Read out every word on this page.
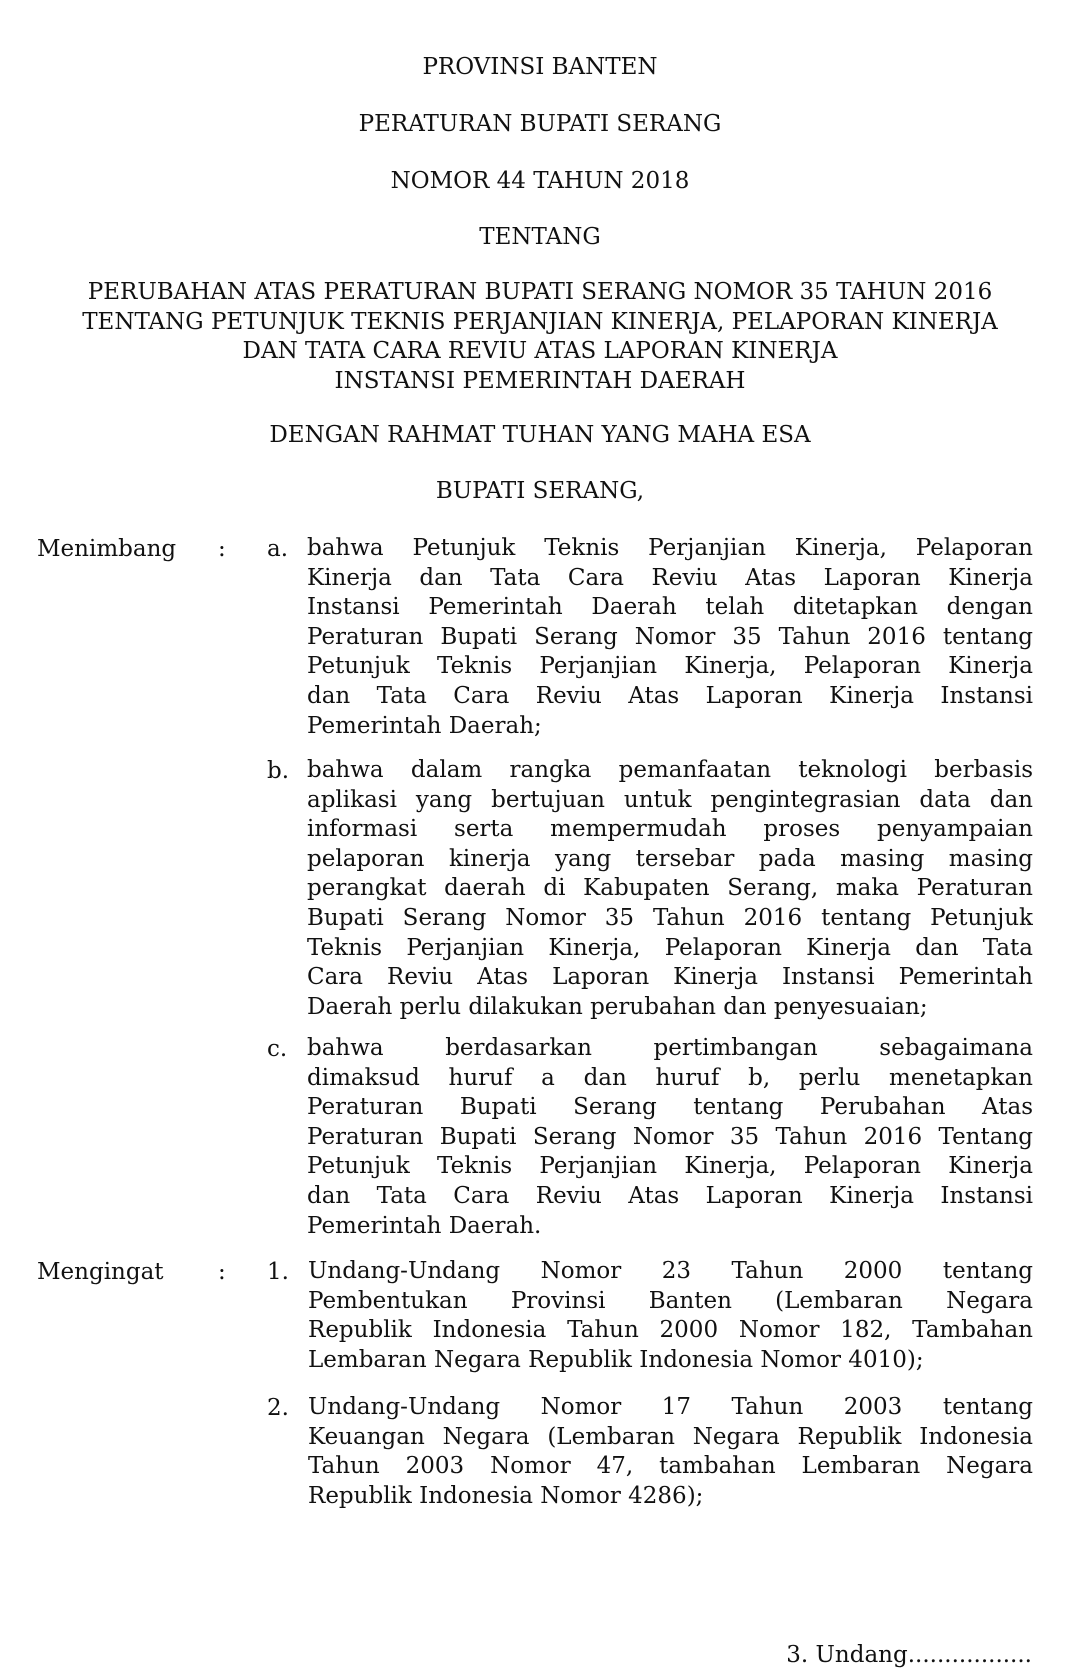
PROVINSI BANTEN
PERATURAN BUPATI SERANG
NOMOR 44 TAHUN 2018
TENTANG
PERUBAHAN ATAS PERATURAN BUPATI SERANG NOMOR 35 TAHUN 2016
TENTANG PETUNJUK TEKNIS PERJANJIAN KINERJA, PELAPORAN KINERJA
DAN TATA CARA REVIU ATAS LAPORAN KINERJA
INSTANSI PEMERINTAH DAERAH
DENGAN RAHMAT TUHAN YANG MAHA ESA
BUPATI SERANG,
Menimbang : a. bahwa Petunjuk Teknis Perjanjian Kinerja, Pelaporan
Kinerja dan Tata Cara Reviu Atas Laporan Kinerja
Instansi Pemerintah Daerah telah ditetapkan dengan
Peraturan Bupati Serang Nomor 35 Tahun 2016 tentang
Petunjuk Teknis Perjanjian Kinerja, Pelaporan Kinerja
dan Tata Cara Reviu Atas Laporan Kinerja Instansi
Pemerintah Daerah;
b. bahwa dalam rangka pemanfaatan teknologi berbasis
aplikasi yang bertujuan untuk pengintegrasian data dan
informasi serta mempermudah proses penyampaian
pelaporan kinerja yang tersebar pada masing masing
perangkat daerah di Kabupaten Serang, maka Peraturan
Bupati Serang Nomor 35 Tahun 2016 tentang Petunjuk
Teknis Perjanjian Kinerja, Pelaporan Kinerja dan Tata
Cara Reviu Atas Laporan Kinerja Instansi Pemerintah
Daerah perlu dilakukan perubahan dan penyesuaian;
c. bahwa berdasarkan pertimbangan sebagaimana
dimaksud huruf a dan huruf b, perlu menetapkan
Peraturan Bupati Serang tentang Perubahan Atas
Peraturan Bupati Serang Nomor 35 Tahun 2016 Tentang
Petunjuk Teknis Perjanjian Kinerja, Pelaporan Kinerja
dan Tata Cara Reviu Atas Laporan Kinerja Instansi
Pemerintah Daerah.
Mengingat : 1. Undang-Undang Nomor 23 Tahun 2000 tentang
Pembentukan Provinsi Banten (Lembaran Negara
Republik Indonesia Tahun 2000 Nomor 182, Tambahan
Lembaran Negara Republik Indonesia Nomor 4010);
2. Undang-Undang Nomor 17 Tahun 2003 tentang
Keuangan Negara (Lembaran Negara Republik Indonesia
Tahun 2003 Nomor 47, tambahan Lembaran Negara
Republik Indonesia Nomor 4286);
3. Undang.................
